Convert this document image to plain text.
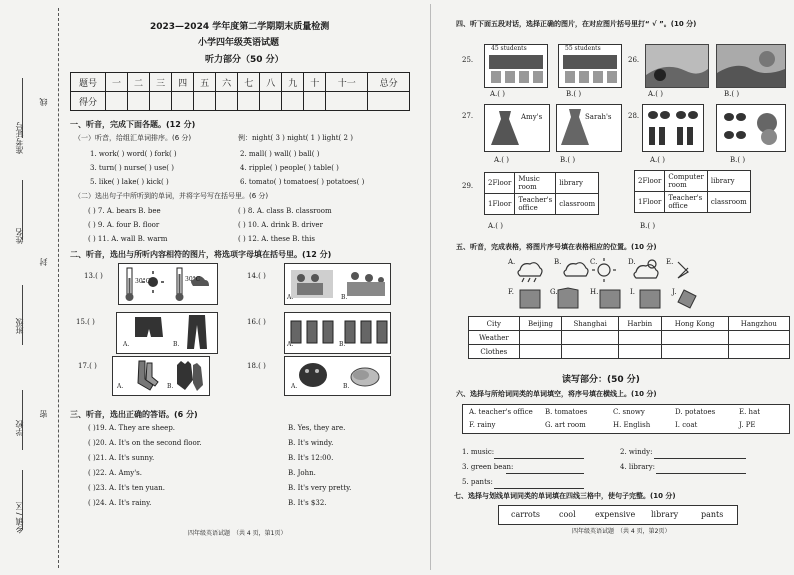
准考证号
姓名
班级
学校
乡镇 / 区
线
封
密
2023—2024 学年度第二学期期末质量检测
小学四年级英语试题
听力部分（50 分）
题号	一	二	三	四	五	六	七	八	九	十	十一	总分
得分												
一、听音，完成下面各题。(12 分)
（一）听音，给组汇单词排序。(6 分)	例：night( 3 ) night( 1 ) light( 2 )
1. work( ) word( ) fork( )	2. mall( ) wall( ) ball( )
3. turn( ) nurse( ) use( )	4. ripple( ) people( ) table( )
5. like( ) lake( ) kick( )	6. tomato( ) tomatoes( ) potatoes( )
（二）选出句子中所听到的单词，并将字号写在括号里。(6 分)
( ) 7. A. bears B. bee	( ) 8. A. class B. classroom
( ) 9. A. four B. floor	( ) 10. A. drink B. driver
( ) 11. A. wall B. warm	( ) 12. A. these B. this
二、听音，选出与所听内容相符的图片，将选项字母填在括号里。(12 分)
13.( )
30°C	30°C	14.( )
A.	B.
15.( )
A.	B.
16.( )
A.	B.
17.( )
A.	B.
18.( )
A.	B.
三、听音，选出正确的答语。(6 分)
( )19. A. They are sheep.	B. Yes, they are.
( )20. A. It's on the second floor.	B. It's windy.
( )21. A. It's sunny.	B. It's 12:00.
( )22. A. Amy's.	B. John.
( )23. A. It's ten yuan.	B. It's very pretty.
( )24. A. It's rainy.	B. It's $32.
四年级英语试题　（共 4 页，第1页）
四、听下面五段对话，选择正确的图片，在对应图片括号里打“ √ ”。(10 分)
25.
45 students	55 students
A.( )	B.( )
26.
A.( )	B.( )
27.	Amy's	Sarah's
A.( )	B.( )
28.
A.( )	B.( )
29. 2Floor	Music room	library
1Floor	Teacher's office	classroom
2Floor	Computer room	library
1Floor	Teacher's office	classroom
A.( )	B.( )
五、听音，完成表格，将图片序号填在表格相应的位置。(10 分)
A.	B.	C.	D.	E.
F.	G.	H.	I.	J.
City	Beijing	Shanghai	Harbin	Hong Kong	Hangzhou
Weather					
Clothes					
读写部分：(50 分)
六、选择与所给词同类的单词填空，将序号填在横线上。(10 分)
A. teacher's office B. tomatoes	C. snowy	D. potatoes	E. hat
F. rainy	G. art room	H. English	I. coat	J. PE
1. music:	2. windy:
3. green bean:	4. library:
5. pants:
七、选择与划线单词同类的单词填在四线三格中，使句子完整。(10 分)
carrots cool expensive library	pants
四年级英语试题　（共 4 页，第2页）
